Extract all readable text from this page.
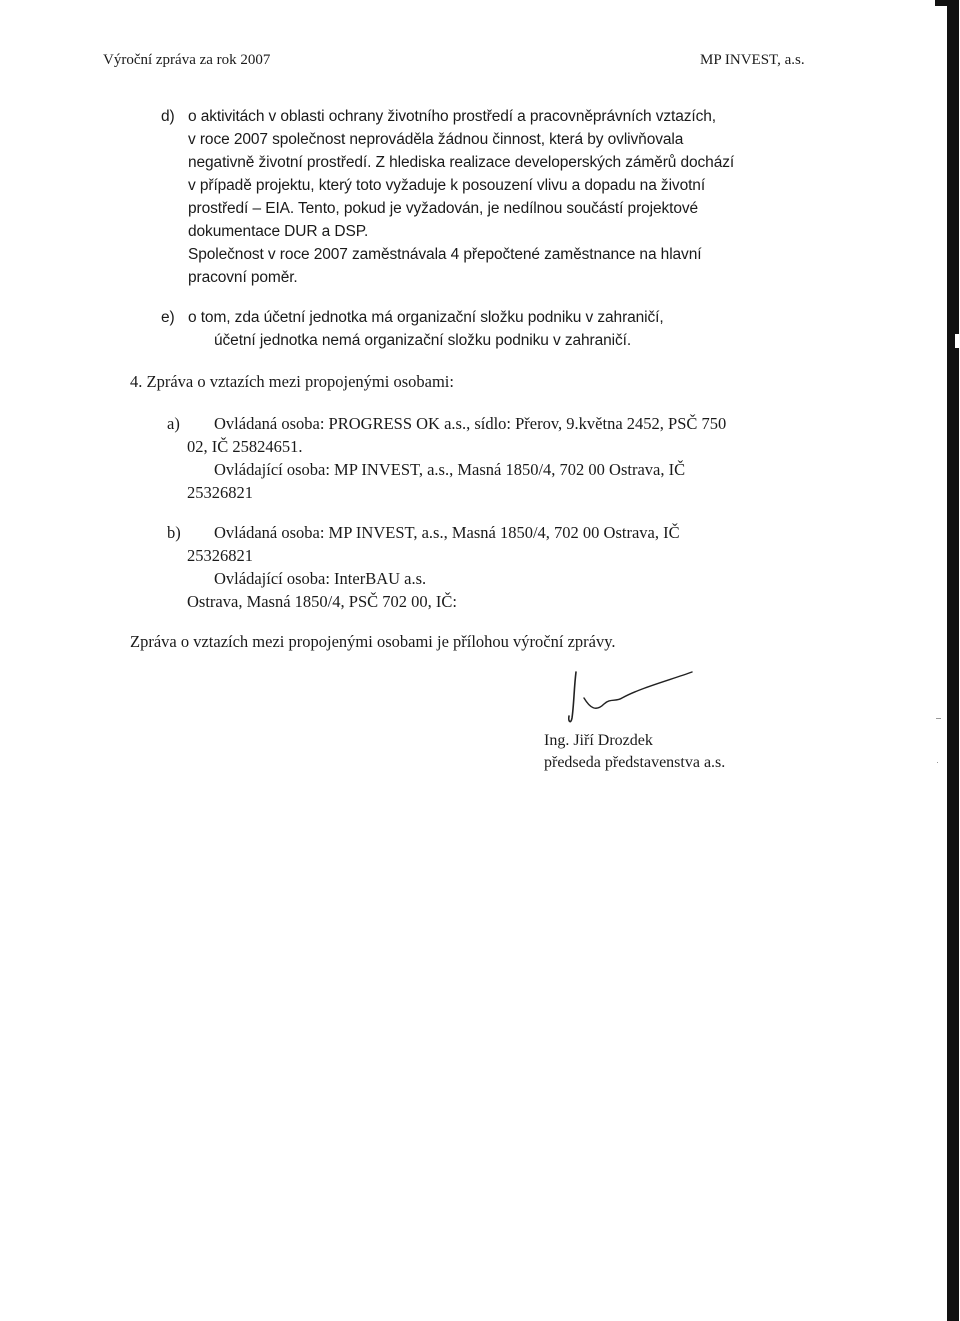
Výroční zpráva za rok 2007	MP INVEST, a.s.

d) o aktivitách v oblasti ochrany životního prostředí a pracovněprávních vztazích,

v roce 2007 společnost neprováděla žádnou činnost, která by ovlivňovala

negativně životní prostředí. Z hlediska realizace developerských záměrů dochází

v případě projektu, který toto vyžaduje k posouzení vlivu a dopadu na životní

prostředí – EIA. Tento, pokud je vyžadován, je nedílnou součástí projektové

dokumentace DUR a DSP.

Společnost v roce 2007 zaměstnávala 4 přepočtené zaměstnance na hlavní

pracovní poměr.

e) o tom, zda účetní jednotka má organizační složku podniku v zahraničí,

účetní jednotka nemá organizační složku podniku v zahraničí.

4. Zpráva o vztazích mezi propojenými osobami:

a) Ovládaná osoba: PROGRESS OK a.s., sídlo: Přerov, 9.května 2452, PSČ 750

02, IČ 25824651.

Ovládající osoba: MP INVEST, a.s., Masná 1850/4, 702 00 Ostrava, IČ

25326821

b) Ovládaná osoba: MP INVEST, a.s., Masná 1850/4, 702 00 Ostrava, IČ

25326821

Ovládající osoba: InterBAU a.s.

Ostrava, Masná 1850/4, PSČ 702 00, IČ:

Zpráva o vztazích mezi propojenými osobami je přílohou výroční zprávy.

Ing. Jiří Drozdek

předseda představenstva a.s.
